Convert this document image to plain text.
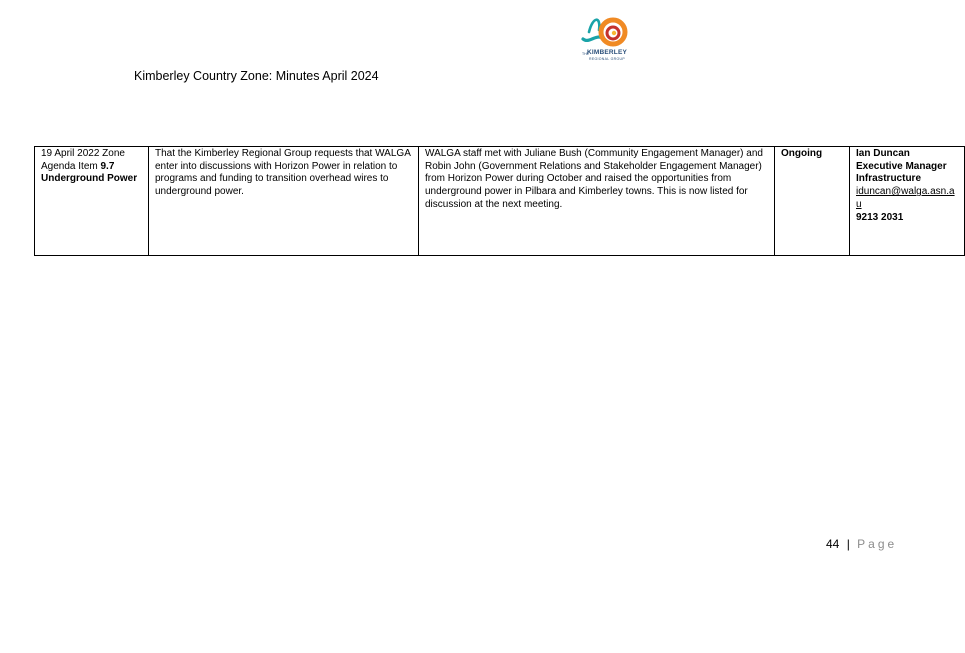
THE
KIMBERLEY
REGIONAL GROUP
Kimberley Country Zone: Minutes April 2024
19 April 2022 Zone Agenda Item 9.7 Underground Power	That the Kimberley Regional Group requests that WALGA enter into discussions with Horizon Power in relation to programs and funding to transition overhead wires to underground power.	WALGA staff met with Juliane Bush (Community Engagement Manager) and Robin John (Government Relations and Stakeholder Engagement Manager) from Horizon Power during October and raised the opportunities from underground power in Pilbara and Kimberley towns. This is now listed for discussion at the next meeting.	Ongoing	Ian Duncan
Executive Manager Infrastructure
iduncan@walga.asn.au
9213 2031
44 | Page
